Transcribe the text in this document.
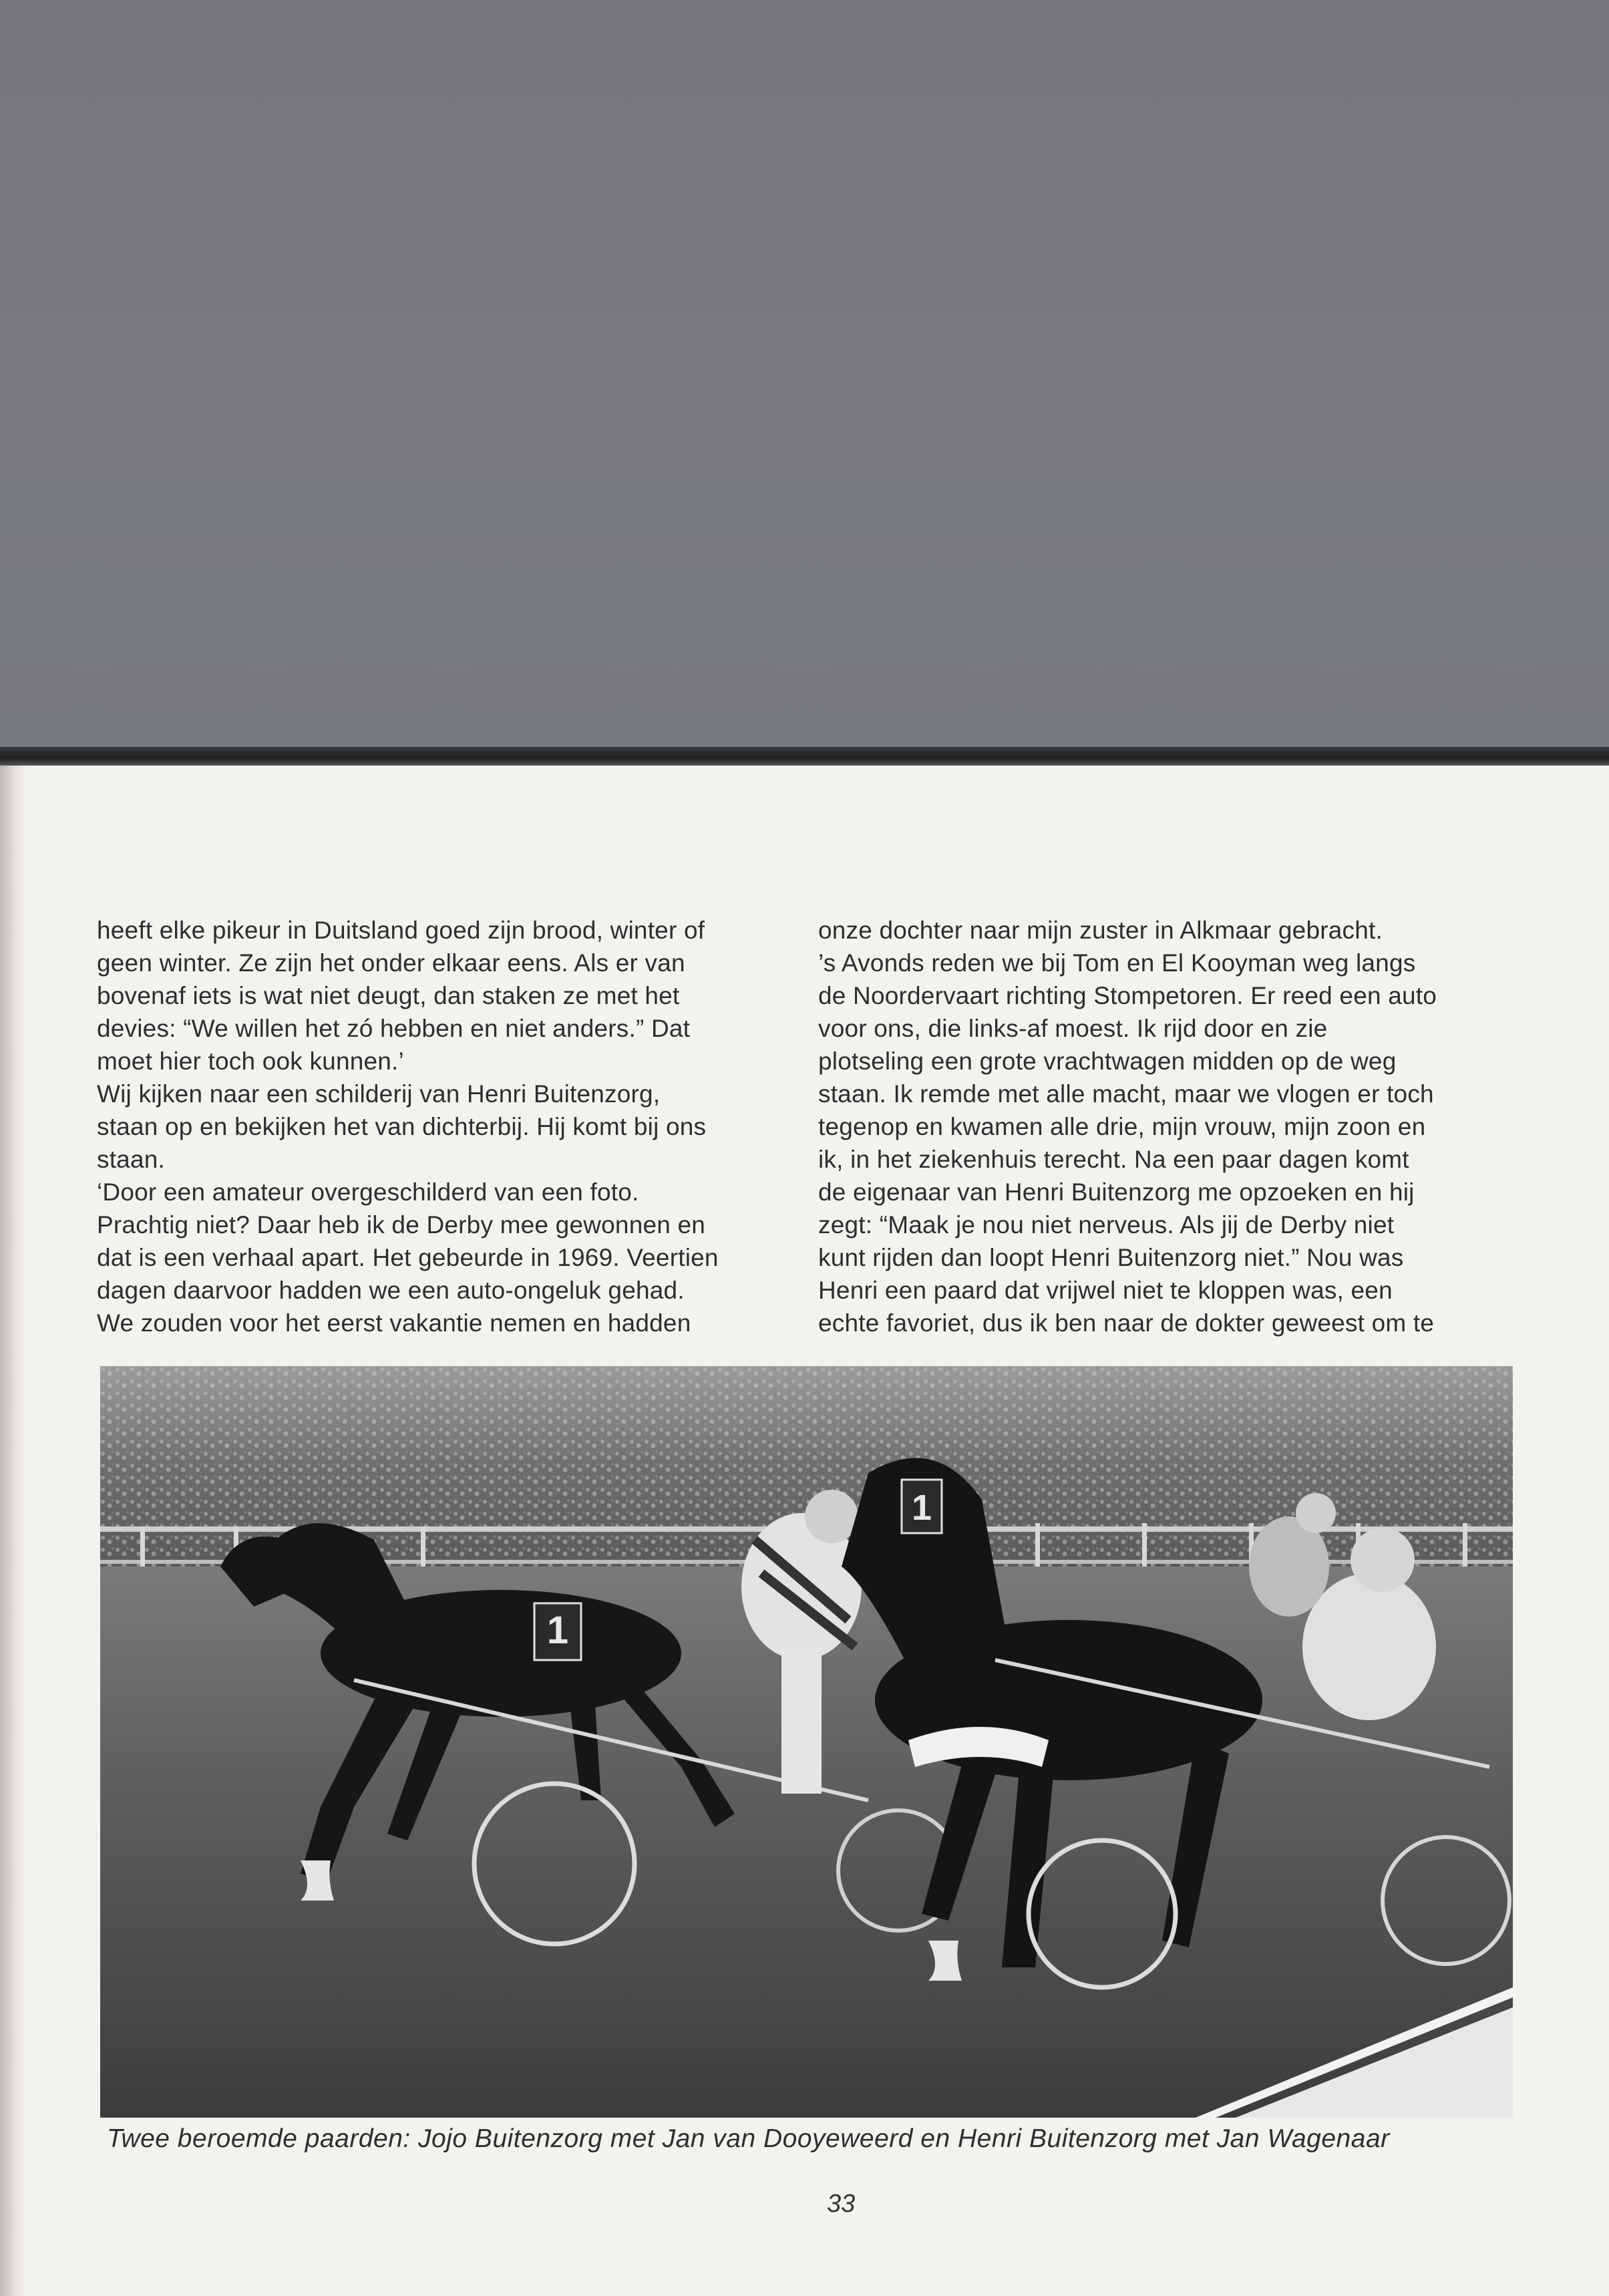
heeft elke pikeur in Duitsland goed zijn brood, winter of

geen winter. Ze zijn het onder elkaar eens. Als er van

bovenaf iets is wat niet deugt, dan staken ze met het

devies: “We willen het zó hebben en niet anders.” Dat

moet hier toch ook kunnen.’

Wij kijken naar een schilderij van Henri Buitenzorg,

staan op en bekijken het van dichterbij. Hij komt bij ons

staan.

‘Door een amateur overgeschilderd van een foto.

Prachtig niet? Daar heb ik de Derby mee gewonnen en

dat is een verhaal apart. Het gebeurde in 1969. Veertien

dagen daarvoor hadden we een auto-ongeluk gehad.

We zouden voor het eerst vakantie nemen en hadden

onze dochter naar mijn zuster in Alkmaar gebracht.

’s Avonds reden we bij Tom en El Kooyman weg langs

de Noordervaart richting Stompetoren. Er reed een auto

voor ons, die links-af moest. Ik rijd door en zie

plotseling een grote vrachtwagen midden op de weg

staan. Ik remde met alle macht, maar we vlogen er toch

tegenop en kwamen alle drie, mijn vrouw, mijn zoon en

ik, in het ziekenhuis terecht. Na een paar dagen komt

de eigenaar van Henri Buitenzorg me opzoeken en hij

zegt: “Maak je nou niet nerveus. Als jij de Derby niet

kunt rijden dan loopt Henri Buitenzorg niet.” Nou was

Henri een paard dat vrijwel niet te kloppen was, een

echte favoriet, dus ik ben naar de dokter geweest om te

1
1
Twee beroemde paarden: Jojo Buitenzorg met Jan van Dooyeweerd en Henri Buitenzorg met Jan Wagenaar
33
